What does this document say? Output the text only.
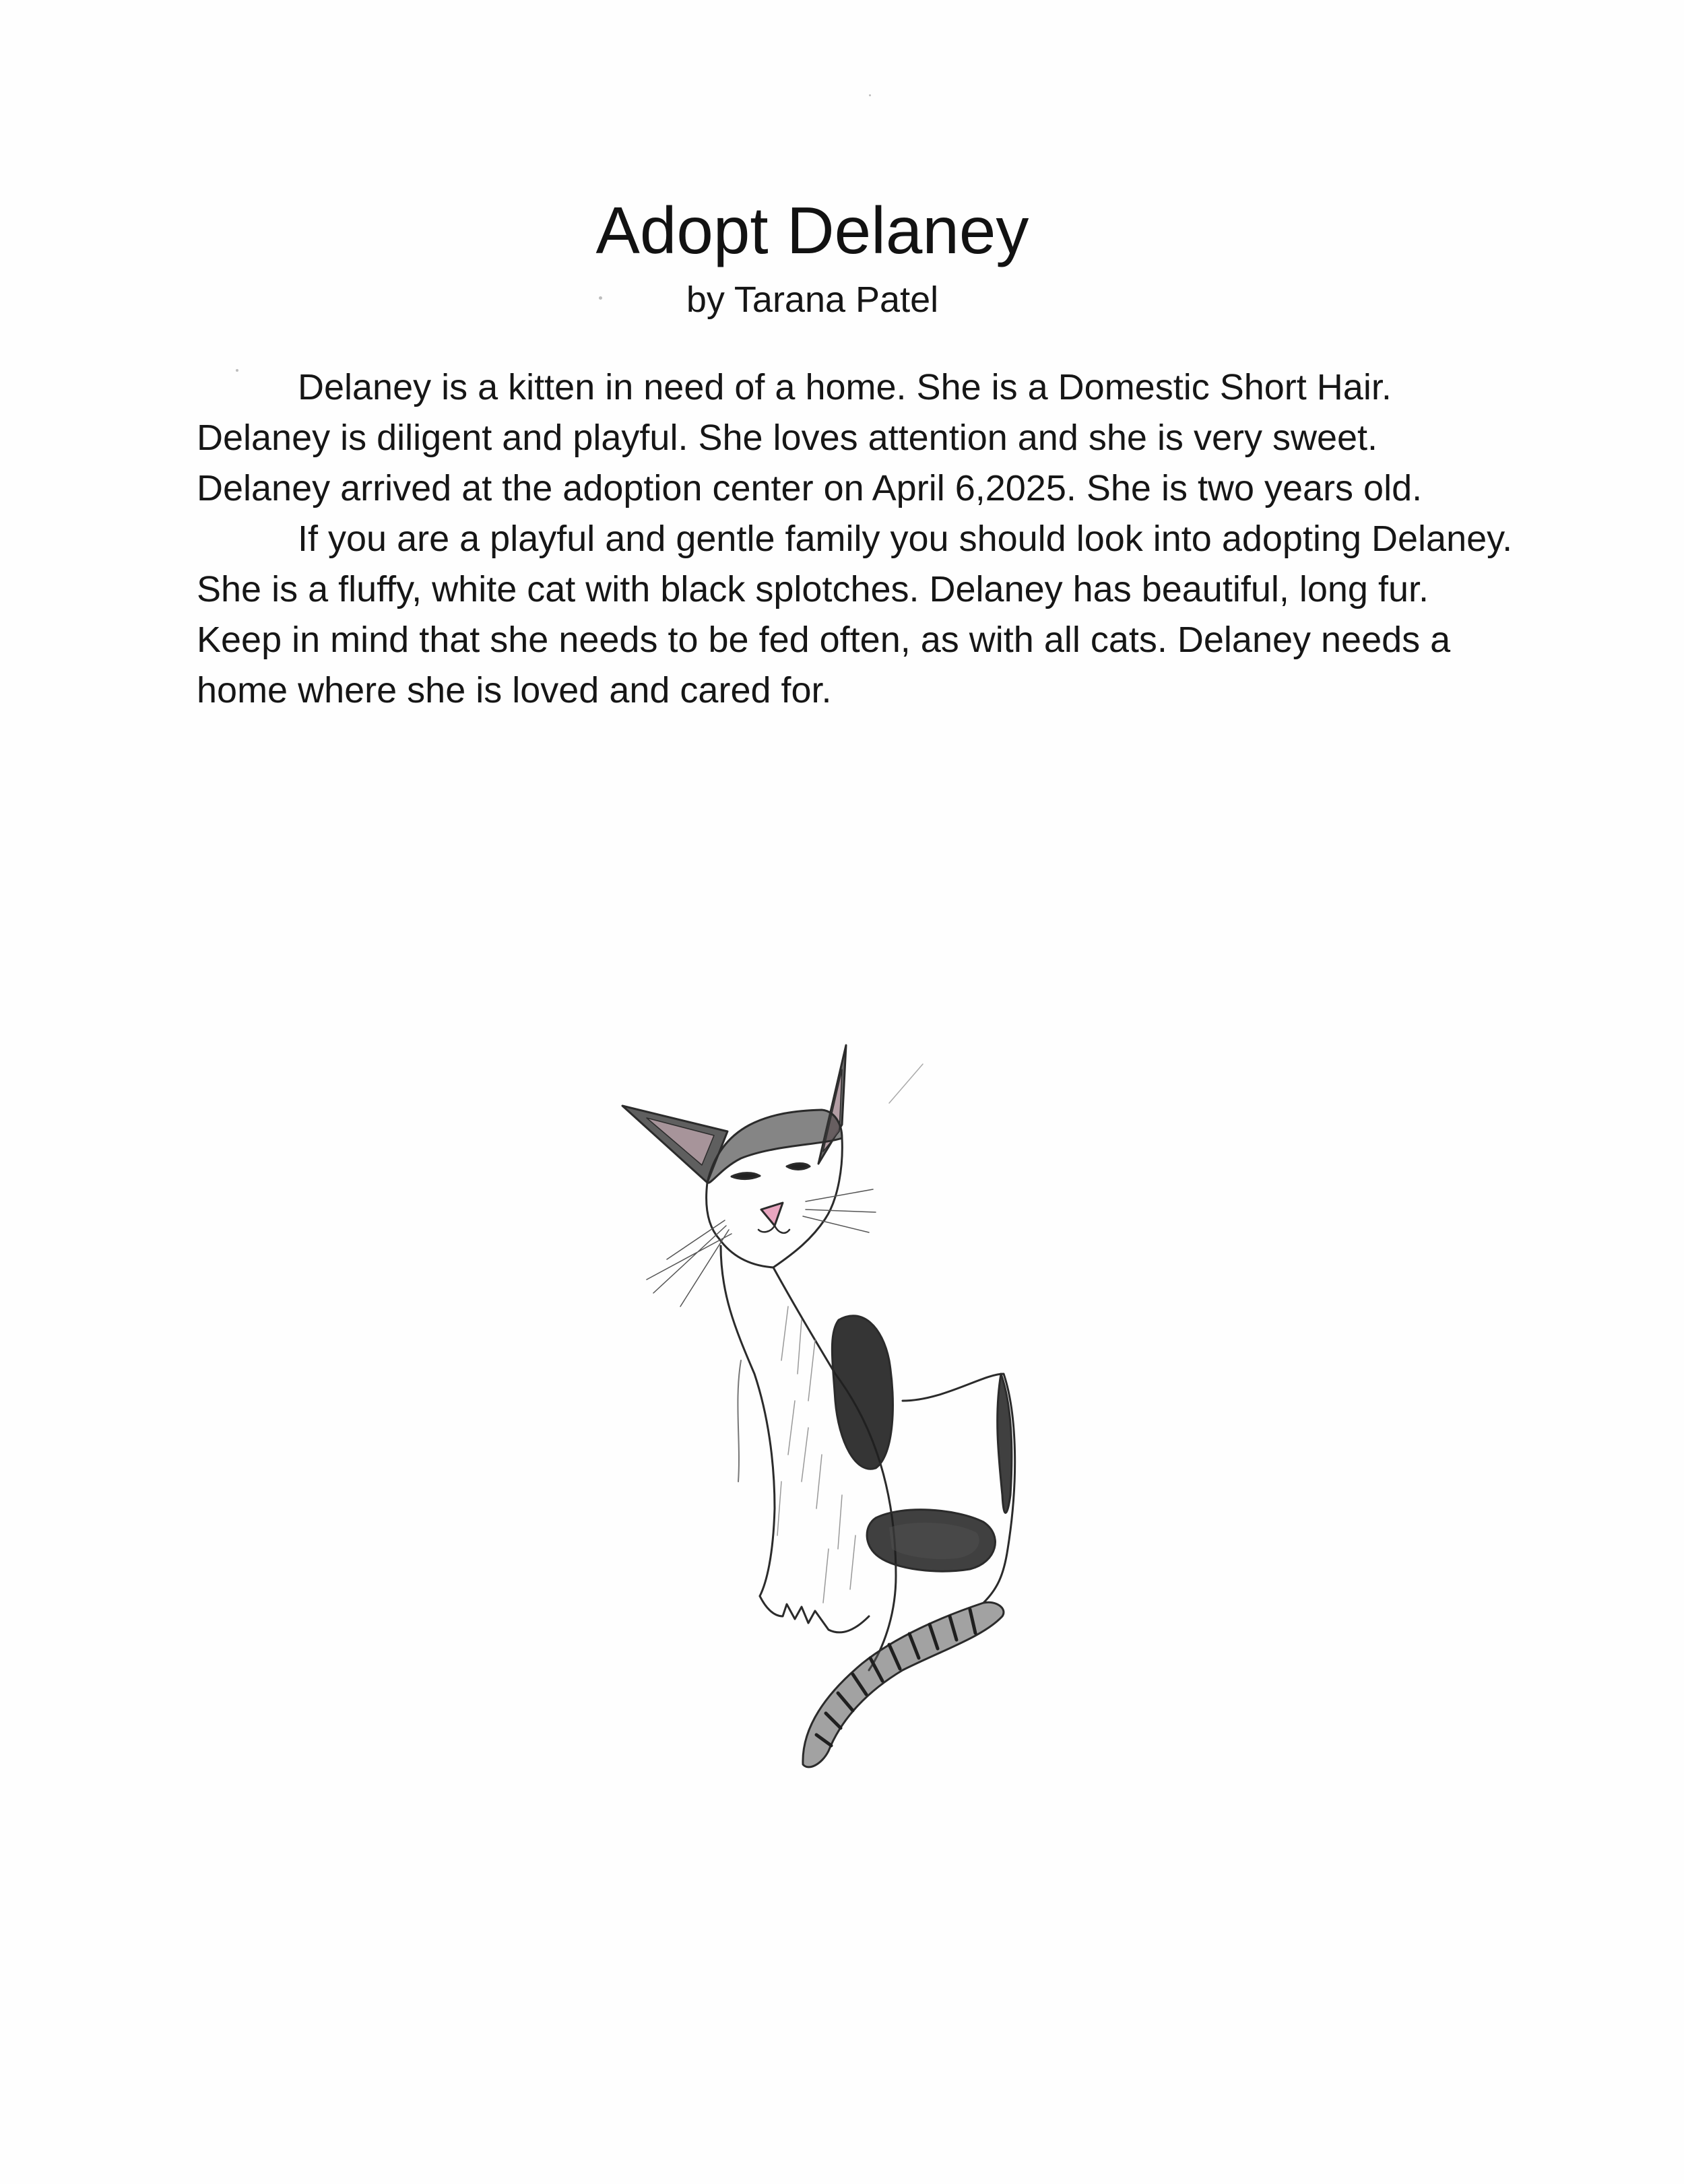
Adopt Delaney
by Tarana Patel

Delaney is a kitten in need of a home. She is a Domestic Short Hair. Delaney is diligent and playful. She loves attention and she is very sweet. Delaney arrived at the adoption center on April 6,2025. She is two years old.

If you are a playful and gentle family you should look into adopting Delaney. She is a fluffy, white cat with black splotches. Delaney has beautiful, long fur. Keep in mind that she needs to be fed often, as with all cats. Delaney needs a home where she is loved and cared for.
